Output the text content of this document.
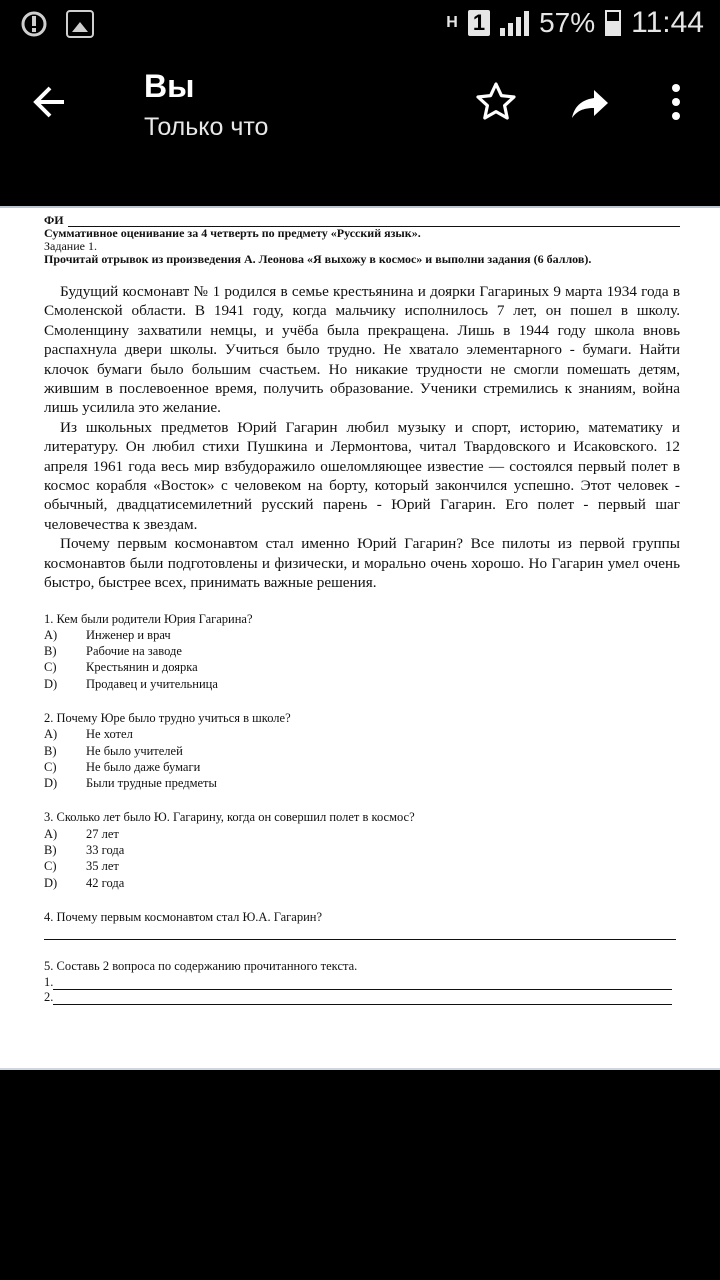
H 1 57% 11:44
Вы
Только что
ФИ
Суммативное оценивание за 4 четверть по предмету «Русский язык».
Задание 1.
Прочитай отрывок из произведения А. Леонова «Я выхожу в космос» и выполни задания (6 баллов).

Будущий космонавт № 1 родился в семье крестьянина и доярки Гагариных 9 марта 1934 года в Смоленской области. В 1941 году, когда мальчику исполнилось 7 лет, он пошел в школу. Смоленщину захватили немцы, и учёба была прекращена. Лишь в 1944 году школа вновь распахнула двери школы. Учиться было трудно. Не хватало элементарного - бумаги. Найти клочок бумаги было большим счастьем. Но никакие трудности не смогли помешать детям, жившим в послевоенное время, получить образование. Ученики стремились к знаниям, война лишь усилила это желание.

Из школьных предметов Юрий Гагарин любил музыку и спорт, историю, математику и литературу. Он любил стихи Пушкина и Лермонтова, читал Твардовского и Исаковского. 12 апреля 1961 года весь мир взбудоражило ошеломляющее известие — состоялся первый полет в космос корабля «Восток» с человеком на борту, который закончился успешно. Этот человек - обычный, двадцатисемилетний русский парень - Юрий Гагарин. Его полет - первый шаг человечества к звездам.

Почему первым космонавтом стал именно Юрий Гагарин? Все пилоты из первой группы космонавтов были подготовлены и физически, и морально очень хорошо. Но Гагарин умел очень быстро, быстрее всех, принимать важные решения.

1. Кем были родители Юрия Гагарина?
A)	Инженер и врач
B)	Рабочие на заводе
C)	Крестьянин и доярка
D)	Продавец и учительница
2. Почему Юре было трудно учиться в школе?
A)	Не хотел
B)	Не было учителей
C)	Не было даже бумаги
D)	Были трудные предметы
3. Сколько лет было Ю. Гагарину, когда он совершил полет в космос?
A)	27 лет
B)	33 года
C)	35 лет
D)	42 года
4. Почему первым космонавтом стал Ю.А. Гагарин?
5. Составь 2 вопроса по содержанию прочитанного текста.
1.
2.
